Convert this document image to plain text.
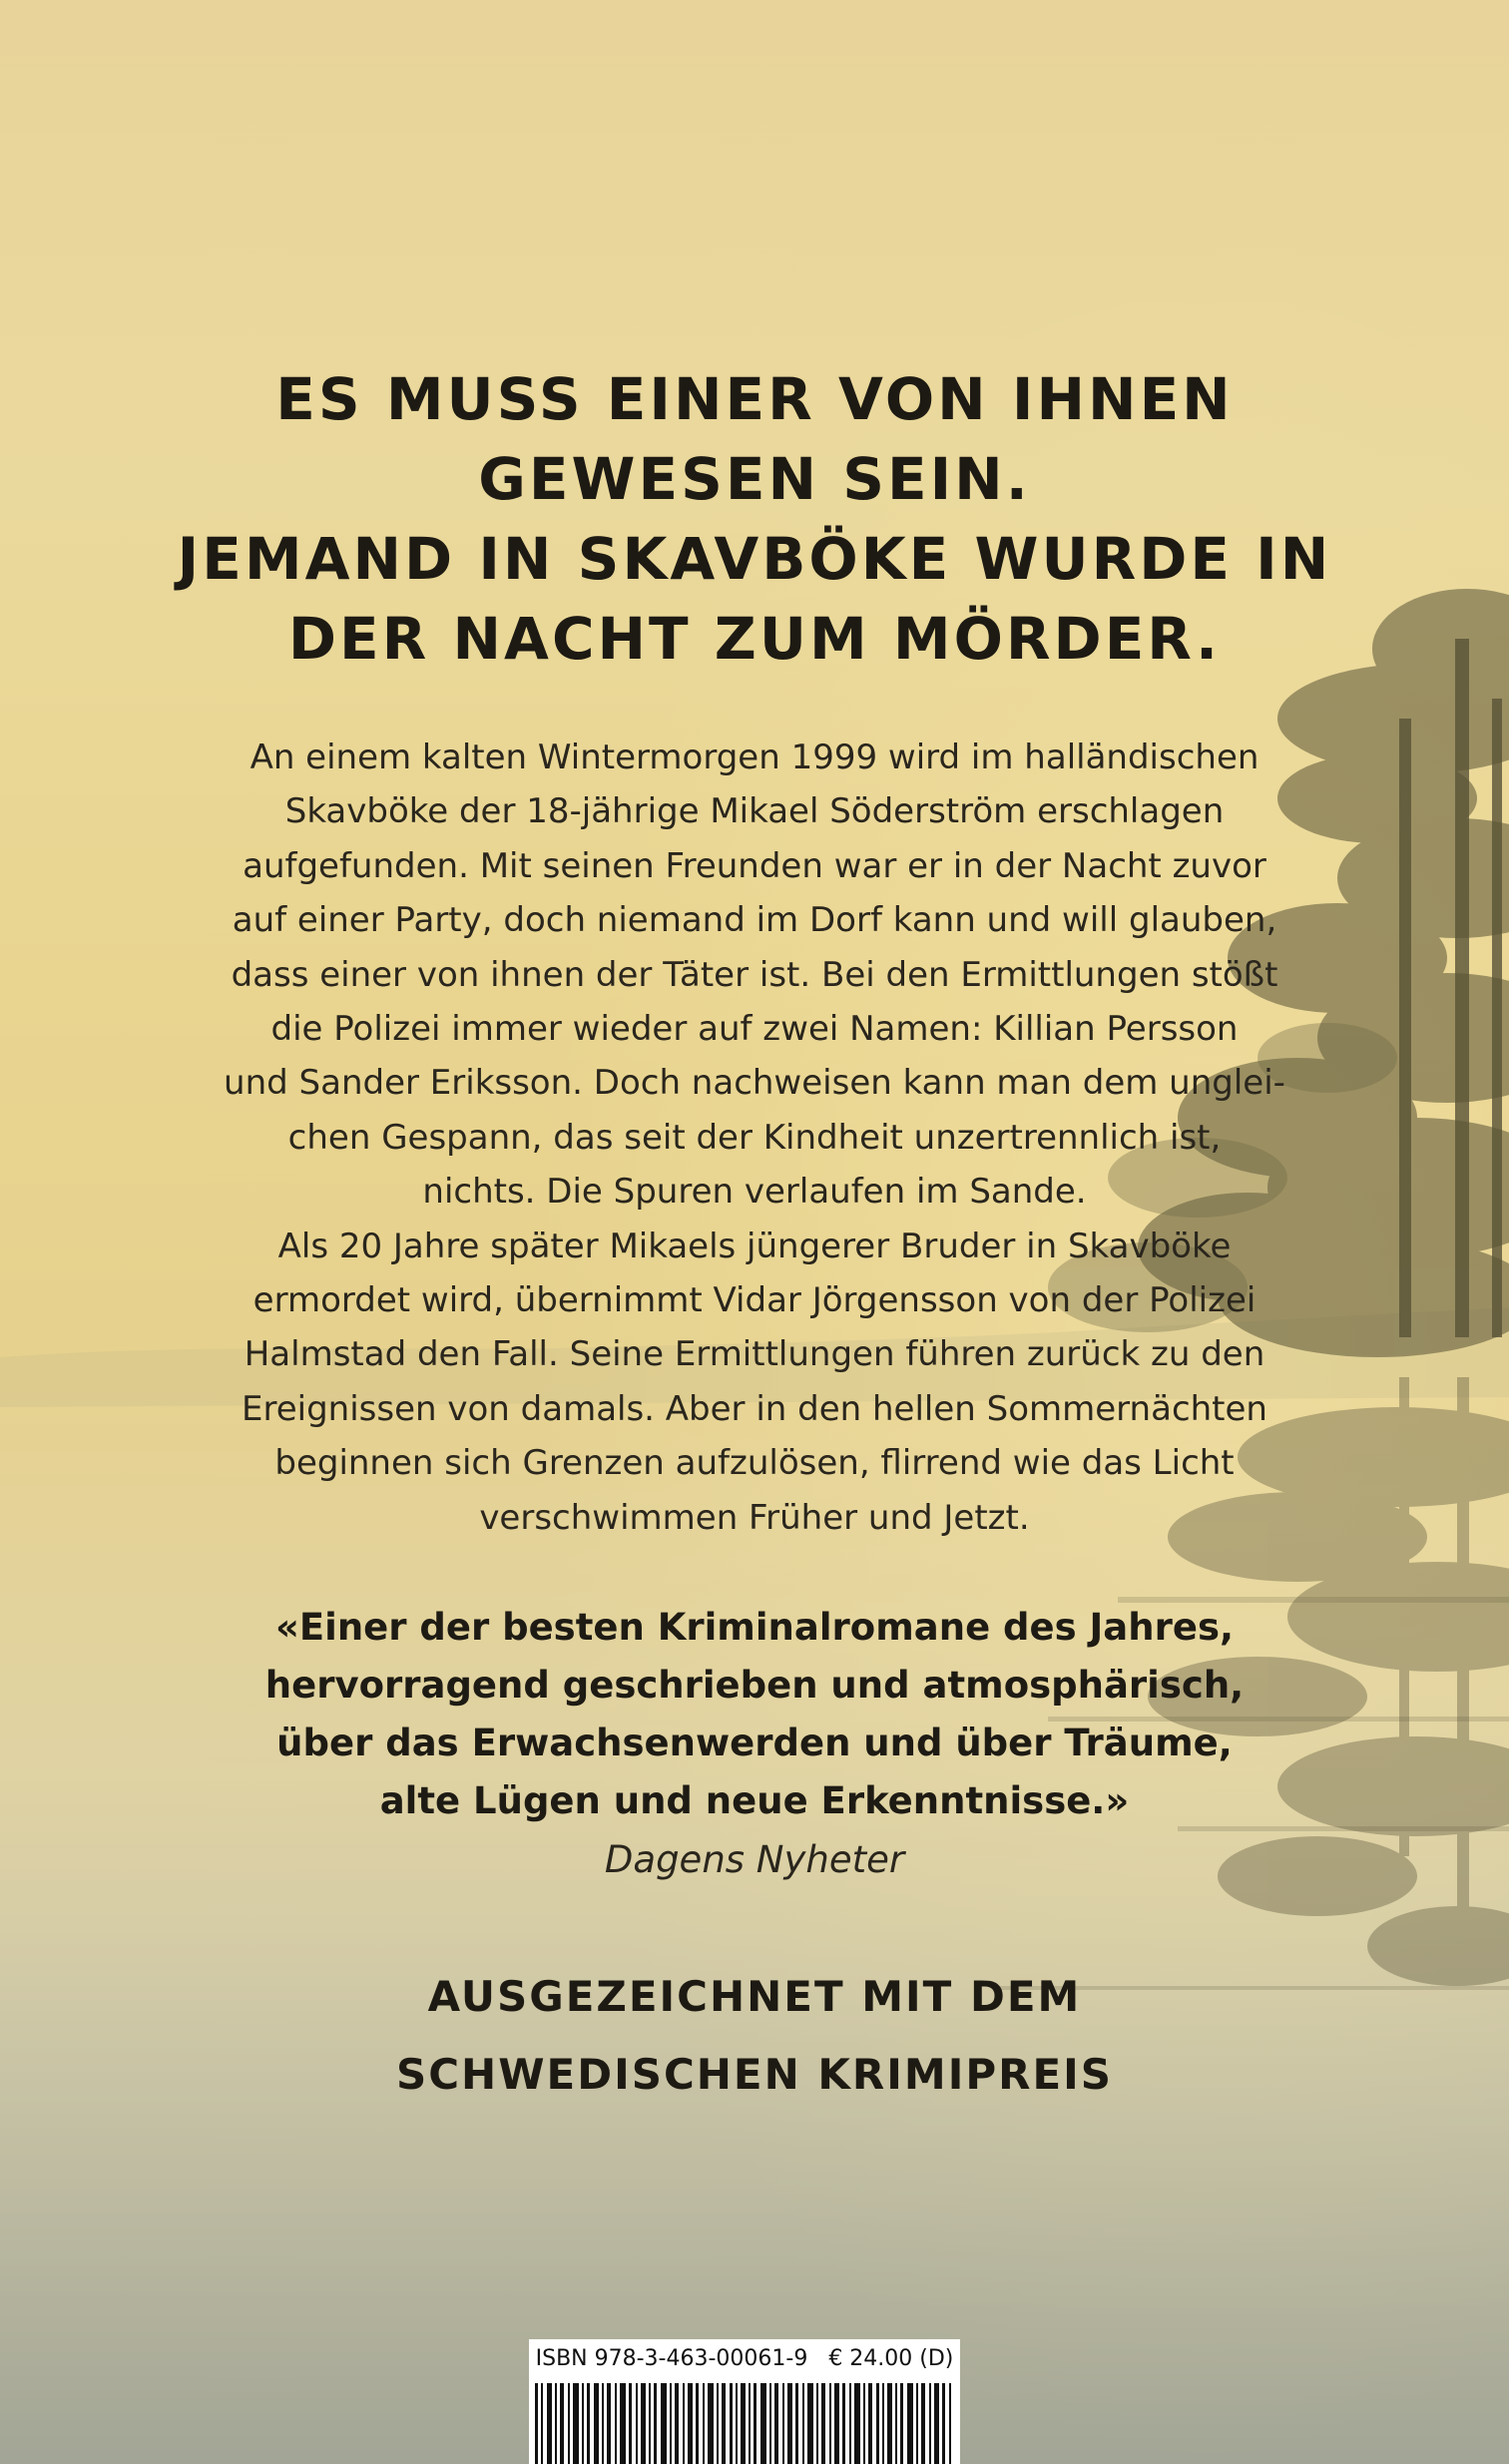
ES MUSS EINER VON IHNEN
GEWESEN SEIN.
JEMAND IN SKAVBÖKE WURDE IN
DER NACHT ZUM MÖRDER.
An einem kalten Wintermorgen 1999 wird im halländischen
Skavböke der 18-jährige Mikael Söderström erschlagen
aufgefunden. Mit seinen Freunden war er in der Nacht zuvor
auf einer Party, doch niemand im Dorf kann und will glauben,
dass einer von ihnen der Täter ist. Bei den Ermittlungen stößt
die Polizei immer wieder auf zwei Namen: Killian Persson
und Sander Eriksson. Doch nachweisen kann man dem unglei-
chen Gespann, das seit der Kindheit unzertrennlich ist,
nichts. Die Spuren verlaufen im Sande.
Als 20 Jahre später Mikaels jüngerer Bruder in Skavböke
ermordet wird, übernimmt Vidar Jörgensson von der Polizei
Halmstad den Fall. Seine Ermittlungen führen zurück zu den
Ereignissen von damals. Aber in den hellen Sommernächten
beginnen sich Grenzen aufzulösen, flirrend wie das Licht
verschwimmen Früher und Jetzt.
«Einer der besten Kriminalromane des Jahres,
hervorragend geschrieben und atmosphärisch,
über das Erwachsenwerden und über Träume,
alte Lügen und neue Erkenntnisse.»
Dagens Nyheter
AUSGEZEICHNET MIT DEM
SCHWEDISCHEN KRIMIPREIS
ISBN 978-3-463-00061-9 € 24.00 (D)
